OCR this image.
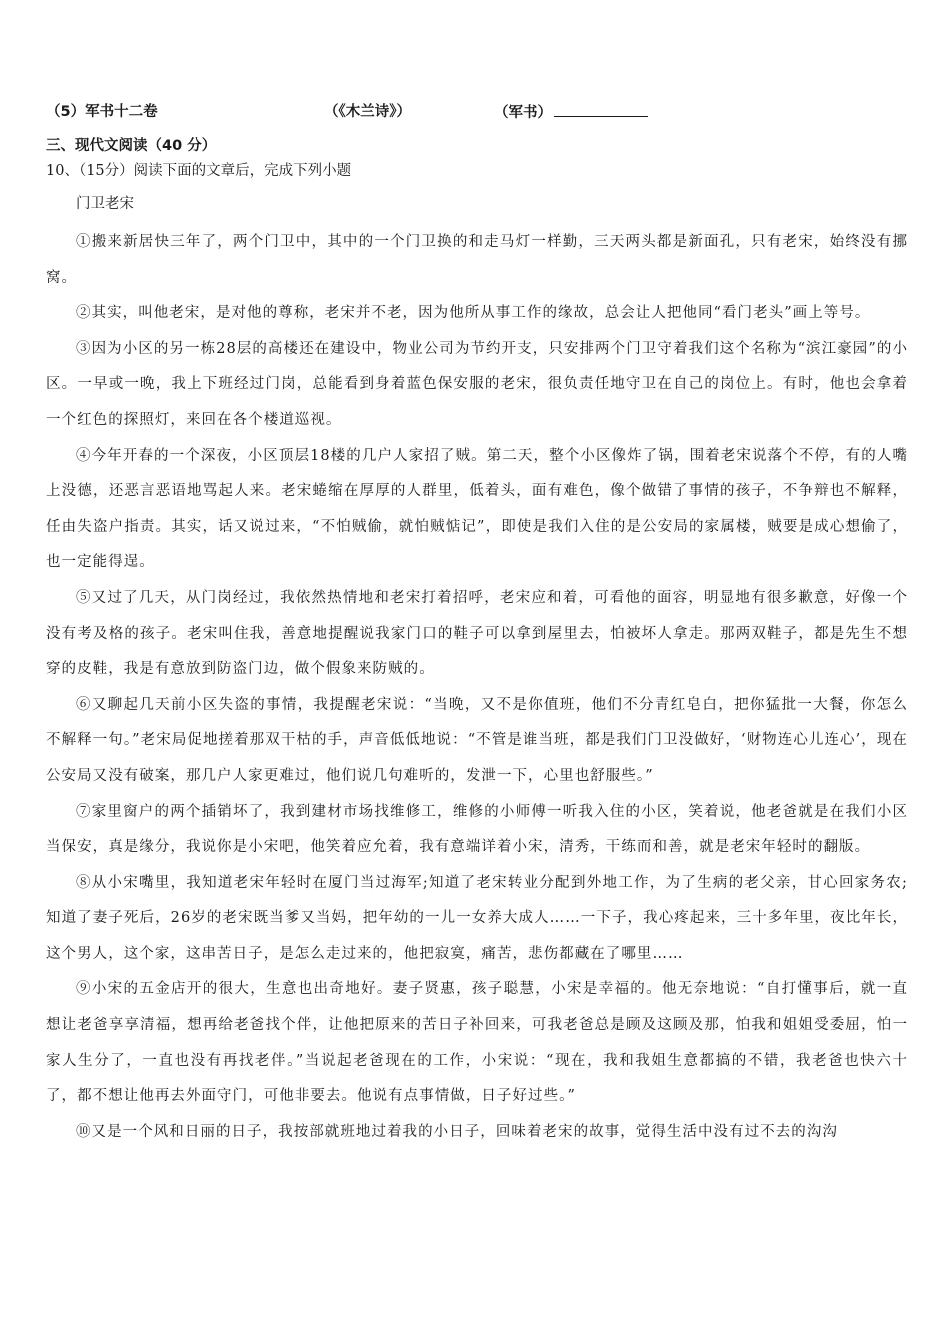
（5）军书十二卷	（《木兰诗》）	（军书）
三、现代文阅读（40 分）
10、（15分）阅读下面的文章后，完成下列小题
门卫老宋

①搬来新居快三年了，两个门卫中，其中的一个门卫换的和走马灯一样勤，三天两头都是新面孔，只有老宋，始终没有挪窝。

②其实，叫他老宋，是对他的尊称，老宋并不老，因为他所从事工作的缘故，总会让人把他同“看门老头”画上等号。

③因为小区的另一栋28层的高楼还在建设中，物业公司为节约开支，只安排两个门卫守着我们这个名称为“滨江豪园”的小区。一早或一晚，我上下班经过门岗，总能看到身着蓝色保安服的老宋，很负责任地守卫在自己的岗位上。有时，他也会拿着一个红色的探照灯，来回在各个楼道巡视。

④今年开春的一个深夜，小区顶层18楼的几户人家招了贼。第二天，整个小区像炸了锅，围着老宋说落个不停，有的人嘴上没德，还恶言恶语地骂起人来。老宋蜷缩在厚厚的人群里，低着头，面有难色，像个做错了事情的孩子，不争辩也不解释，任由失盗户指责。其实，话又说过来，“不怕贼偷，就怕贼惦记”，即使是我们入住的是公安局的家属楼，贼要是成心想偷了，也一定能得逞。

⑤又过了几天，从门岗经过，我依然热情地和老宋打着招呼，老宋应和着，可看他的面容，明显地有很多歉意，好像一个没有考及格的孩子。老宋叫住我，善意地提醒说我家门口的鞋子可以拿到屋里去，怕被坏人拿走。那两双鞋子，都是先生不想穿的皮鞋，我是有意放到防盗门边，做个假象来防贼的。

⑥又聊起几天前小区失盗的事情，我提醒老宋说：“当晚，又不是你值班，他们不分青红皂白，把你猛批一大餐，你怎么不解释一句。”老宋局促地搓着那双干枯的手，声音低低地说：“不管是谁当班，都是我们门卫没做好，‘财物连心儿连心’，现在公安局又没有破案，那几户人家更难过，他们说几句难听的，发泄一下，心里也舒服些。”

⑦家里窗户的两个插销坏了，我到建材市场找维修工，维修的小师傅一听我入住的小区，笑着说，他老爸就是在我们小区当保安，真是缘分，我说你是小宋吧，他笑着应允着，我有意端详着小宋，清秀，干练而和善，就是老宋年轻时的翻版。

⑧从小宋嘴里，我知道老宋年轻时在厦门当过海军;知道了老宋转业分配到外地工作，为了生病的老父亲，甘心回家务农;知道了妻子死后，26岁的老宋既当爹又当妈，把年幼的一儿一女养大成人……一下子，我心疼起来，三十多年里，夜比年长，这个男人，这个家，这串苦日子，是怎么走过来的，他把寂寞，痛苦，悲伤都藏在了哪里……

⑨小宋的五金店开的很大，生意也出奇地好。妻子贤惠，孩子聪慧，小宋是幸福的。他无奈地说：“自打懂事后，就一直想让老爸享享清福，想再给老爸找个伴，让他把原来的苦日子补回来，可我老爸总是顾及这顾及那，怕我和姐姐受委屈，怕一家人生分了，一直也没有再找老伴。”当说起老爸现在的工作，小宋说：“现在，我和我姐生意都搞的不错，我老爸也快六十了，都不想让他再去外面守门，可他非要去。他说有点事情做，日子好过些。”

⑩又是一个风和日丽的日子，我按部就班地过着我的小日子，回味着老宋的故事，觉得生活中没有过不去的沟沟
